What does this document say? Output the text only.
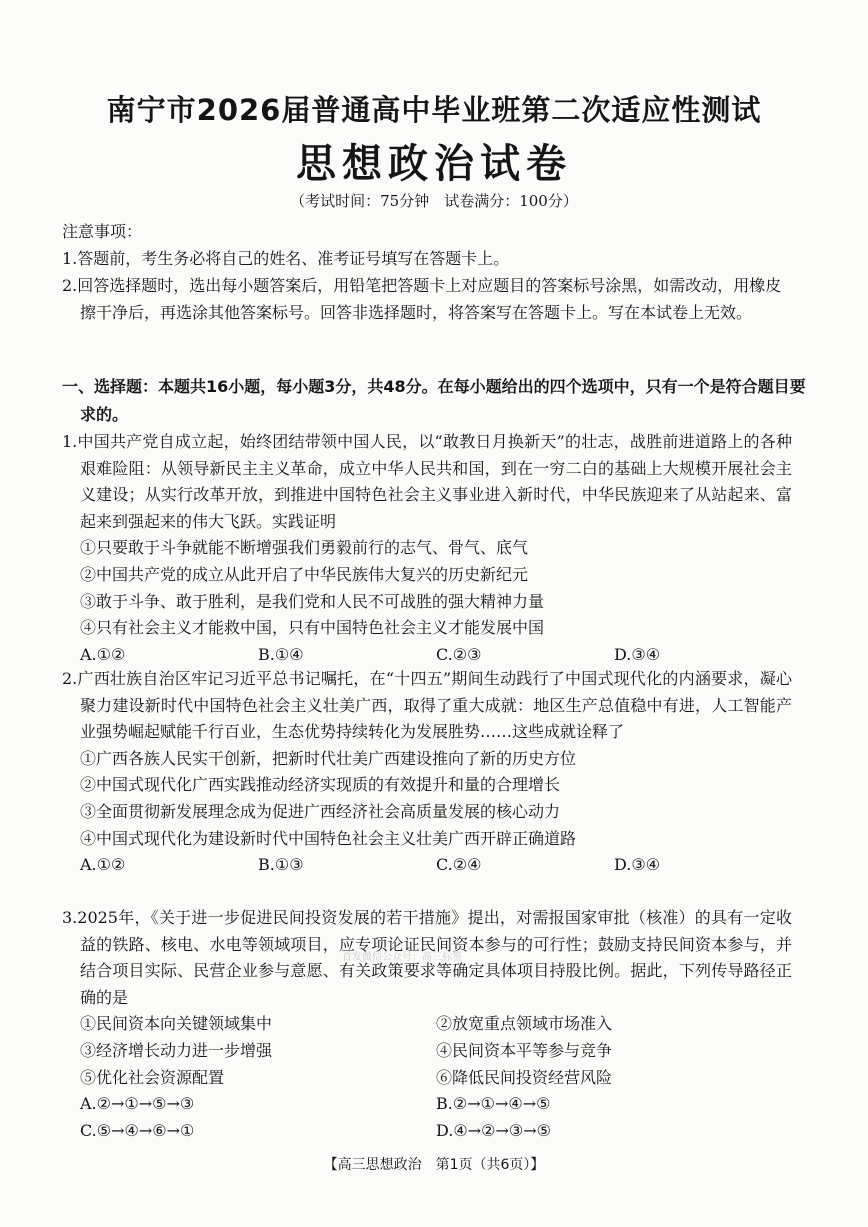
南宁市2026届普通高中毕业班第二次适应性测试
思想政治试卷
（考试时间：75分钟　试卷满分：100分）
注意事项：
1.答题前，考生务必将自己的姓名、准考证号填写在答题卡上。
2.回答选择题时，选出每小题答案后，用铅笔把答题卡上对应题目的答案标号涂黑，如需改动，用橡皮擦干净后，再选涂其他答案标号。回答非选择题时，将答案写在答题卡上。写在本试卷上无效。
一、选择题：本题共16小题，每小题3分，共48分。在每小题给出的四个选项中，只有一个是符合题目要求的。
1.中国共产党自成立起，始终团结带领中国人民，以“敢教日月换新天”的壮志，战胜前进道路上的各种艰难险阻：从领导新民主主义革命，成立中华人民共和国，到在一穷二白的基础上大规模开展社会主义建设；从实行改革开放，到推进中国特色社会主义事业进入新时代，中华民族迎来了从站起来、富起来到强起来的伟大飞跃。实践证明
①只要敢于斗争就能不断增强我们勇毅前行的志气、骨气、底气
②中国共产党的成立从此开启了中华民族伟大复兴的历史新纪元
③敢于斗争、敢于胜利，是我们党和人民不可战胜的强大精神力量
④只有社会主义才能救中国，只有中国特色社会主义才能发展中国
A.①②	B.①④	C.②③	D.③④
2.广西壮族自治区牢记习近平总书记嘱托，在“十四五”期间生动践行了中国式现代化的内涵要求，凝心聚力建设新时代中国特色社会主义壮美广西，取得了重大成就：地区生产总值稳中有进，人工智能产业强势崛起赋能千行百业，生态优势持续转化为发展胜势……这些成就诠释了
①广西各族人民实干创新，把新时代壮美广西建设推向了新的历史方位
②中国式现代化广西实践推动经济实现质的有效提升和量的合理增长
③全面贯彻新发展理念成为促进广西经济社会高质量发展的核心动力
④中国式现代化为建设新时代中国特色社会主义壮美广西开辟正确道路
A.①②	B.①③	C.②④	D.③④
3.2025年，《关于进一步促进民间投资发展的若干措施》提出，对需报国家审批（核准）的具有一定收益的铁路、核电、水电等领域项目，应专项论证民间资本参与的可行性；鼓励支持民间资本参与，并结合项目实际、民营企业参与意愿、有关政策要求等确定具体项目持股比例。据此，下列传导路径正确的是
①民间资本向关键领域集中	②放宽重点领域市场准入
③经济增长动力进一步增强	④民间资本平等参与竞争
⑤优化社会资源配置	⑥降低民间投资经营风险
A.②→①→⑤→③	B.②→①→④→⑤
C.⑤→④→⑥→①	D.④→②→③→⑤
首发微信公众号：高三标签
【高三思想政治　第1页（共6页）】
